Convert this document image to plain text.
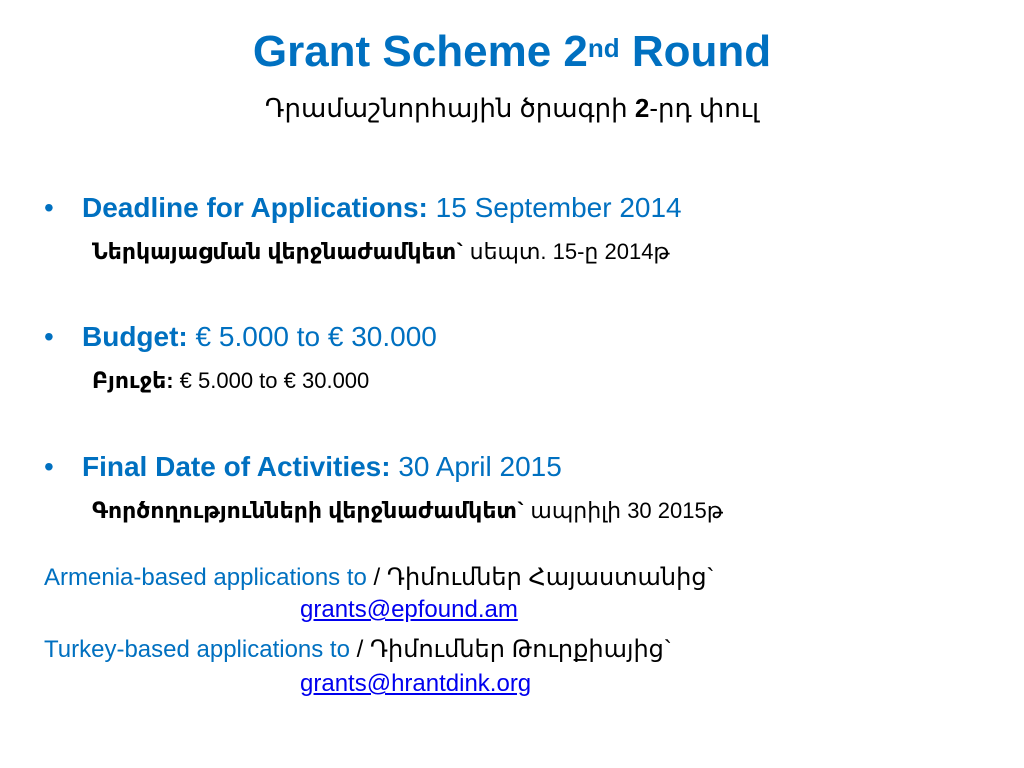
Grant Scheme 2nd Round

Դրամաշնորհային ծրագրի 2-րդ փուլ

• Deadline for Applications: 15 September 2014
Ներկայացման վերջնաժամկետ` սեպտ. 15-ը 2014թ
• Budget: € 5.000 to € 30.000
Բյուջե: € 5.000 to € 30.000
• Final Date of Activities: 30 April 2015
Գործողությունների վերջնաժամկետ` ապրիլի 30 2015թ
Armenia-based applications to / Դիմումներ Հայաստանից`
grants@epfound.am
Turkey-based applications to / Դիմումներ Թուրքիայից`
grants@hrantdink.org
